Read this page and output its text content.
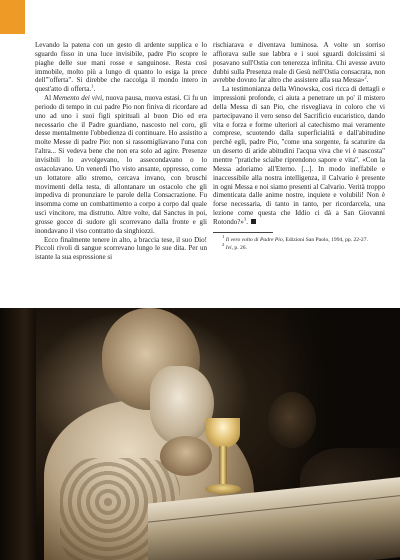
Levando la patena con un gesto di ardente supplica e lo sguardo fisso in una luce invisibile, padre Pio scopre le piaghe delle sue mani rosse e sanguinose. Resta così immobile, molto più a lungo di quanto lo esiga la prece dell'"offerta". Si direbbe che raccolga il mondo intero in quest'atto di offerta.$^1$.

Al Memento dei vivi, nuova pausa, nuova estasi. Ci fu un periodo di tempo in cui padre Pio non finiva di ricordare ad uno ad uno i suoi figli spirituali al buon Dio ed era necessario che il Padre guardiano, nascosto nel coro, gli desse mentalmente l'obbedienza di continuare. Ho assistito a molte Messe di padre Pio: non si rassomigliavano l'una con l'altra... Si vedeva bene che non era solo ad agire. Presenze invisibili lo avvolgevano, lo assecondavano o lo ostacolavano. Un venerdì l'ho visto ansante, oppresso, come un lottatore allo stremo, cercava invano, con bruschi movimenti della testa, di allontanare un ostacolo che gli impediva di pronunziare le parole della Consacrazione. Fu insomma come un combattimento a corpo a corpo dal quale uscì vincitore, ma distrutto. Altre volte, dal Sanctus in poi, grosse gocce di sudore gli scorrevano dalla fronte e gli inondavano il viso contratto da singhiozzi.

Ecco finalmente tenere in alto, a braccia tese, il suo Dio! Piccoli rivoli di sangue scorrevano lungo le sue dita. Per un istante la sua espressione si

rischiarava e diventava luminosa. A volte un sorriso affiorava sulle sue labbra e i suoi sguardi dolcissimi si posavano sull'Ostia con tenerezza infinita. Chi avesse avuto dubbi sulla Presenza reale di Gesù nell'Ostia consacrata, non avrebbe dovuto far altro che assistere alla sua Messa»$^2$.

La testimonianza della Winowska, così ricca di dettagli e impressioni profonde, ci aiuta a penetrare un po' il mistero della Messa di san Pio, che risvegliava in coloro che vi partecipavano il vero senso del Sacrificio eucaristico, dando vita e forza e forme ulteriori al catechismo mai veramente comprese, scuotendo dalla superficialità e dall'abitudine perché egli, padre Pio, "come una sorgente, fa scaturire da un deserto di aride abitudini l'acqua viva che vi è nascosta" mentre "pratiche sciaibe riprendono sapore e vita". «Con la Messa adoriamo all'Eterno. [...]. In modo ineffabile e inaccessibile alla nostra intelligenza, il Calvario è presente in ogni Messa e noi siamo presenti al Calvario. Verità troppo dimenticata dalle anime nostre, inquiete e volubili! Non è forse necessaria, di tanto in tanto, per ricordarcela, una lezione come questa che Iddio ci dà a San Giovanni Rotondo?»$^3$.

$^1$ Il vero volto di Padre Pio, Edizioni San Paolo, 1994, pp. 22-27.

$^2$ Ivi, p. 26.
